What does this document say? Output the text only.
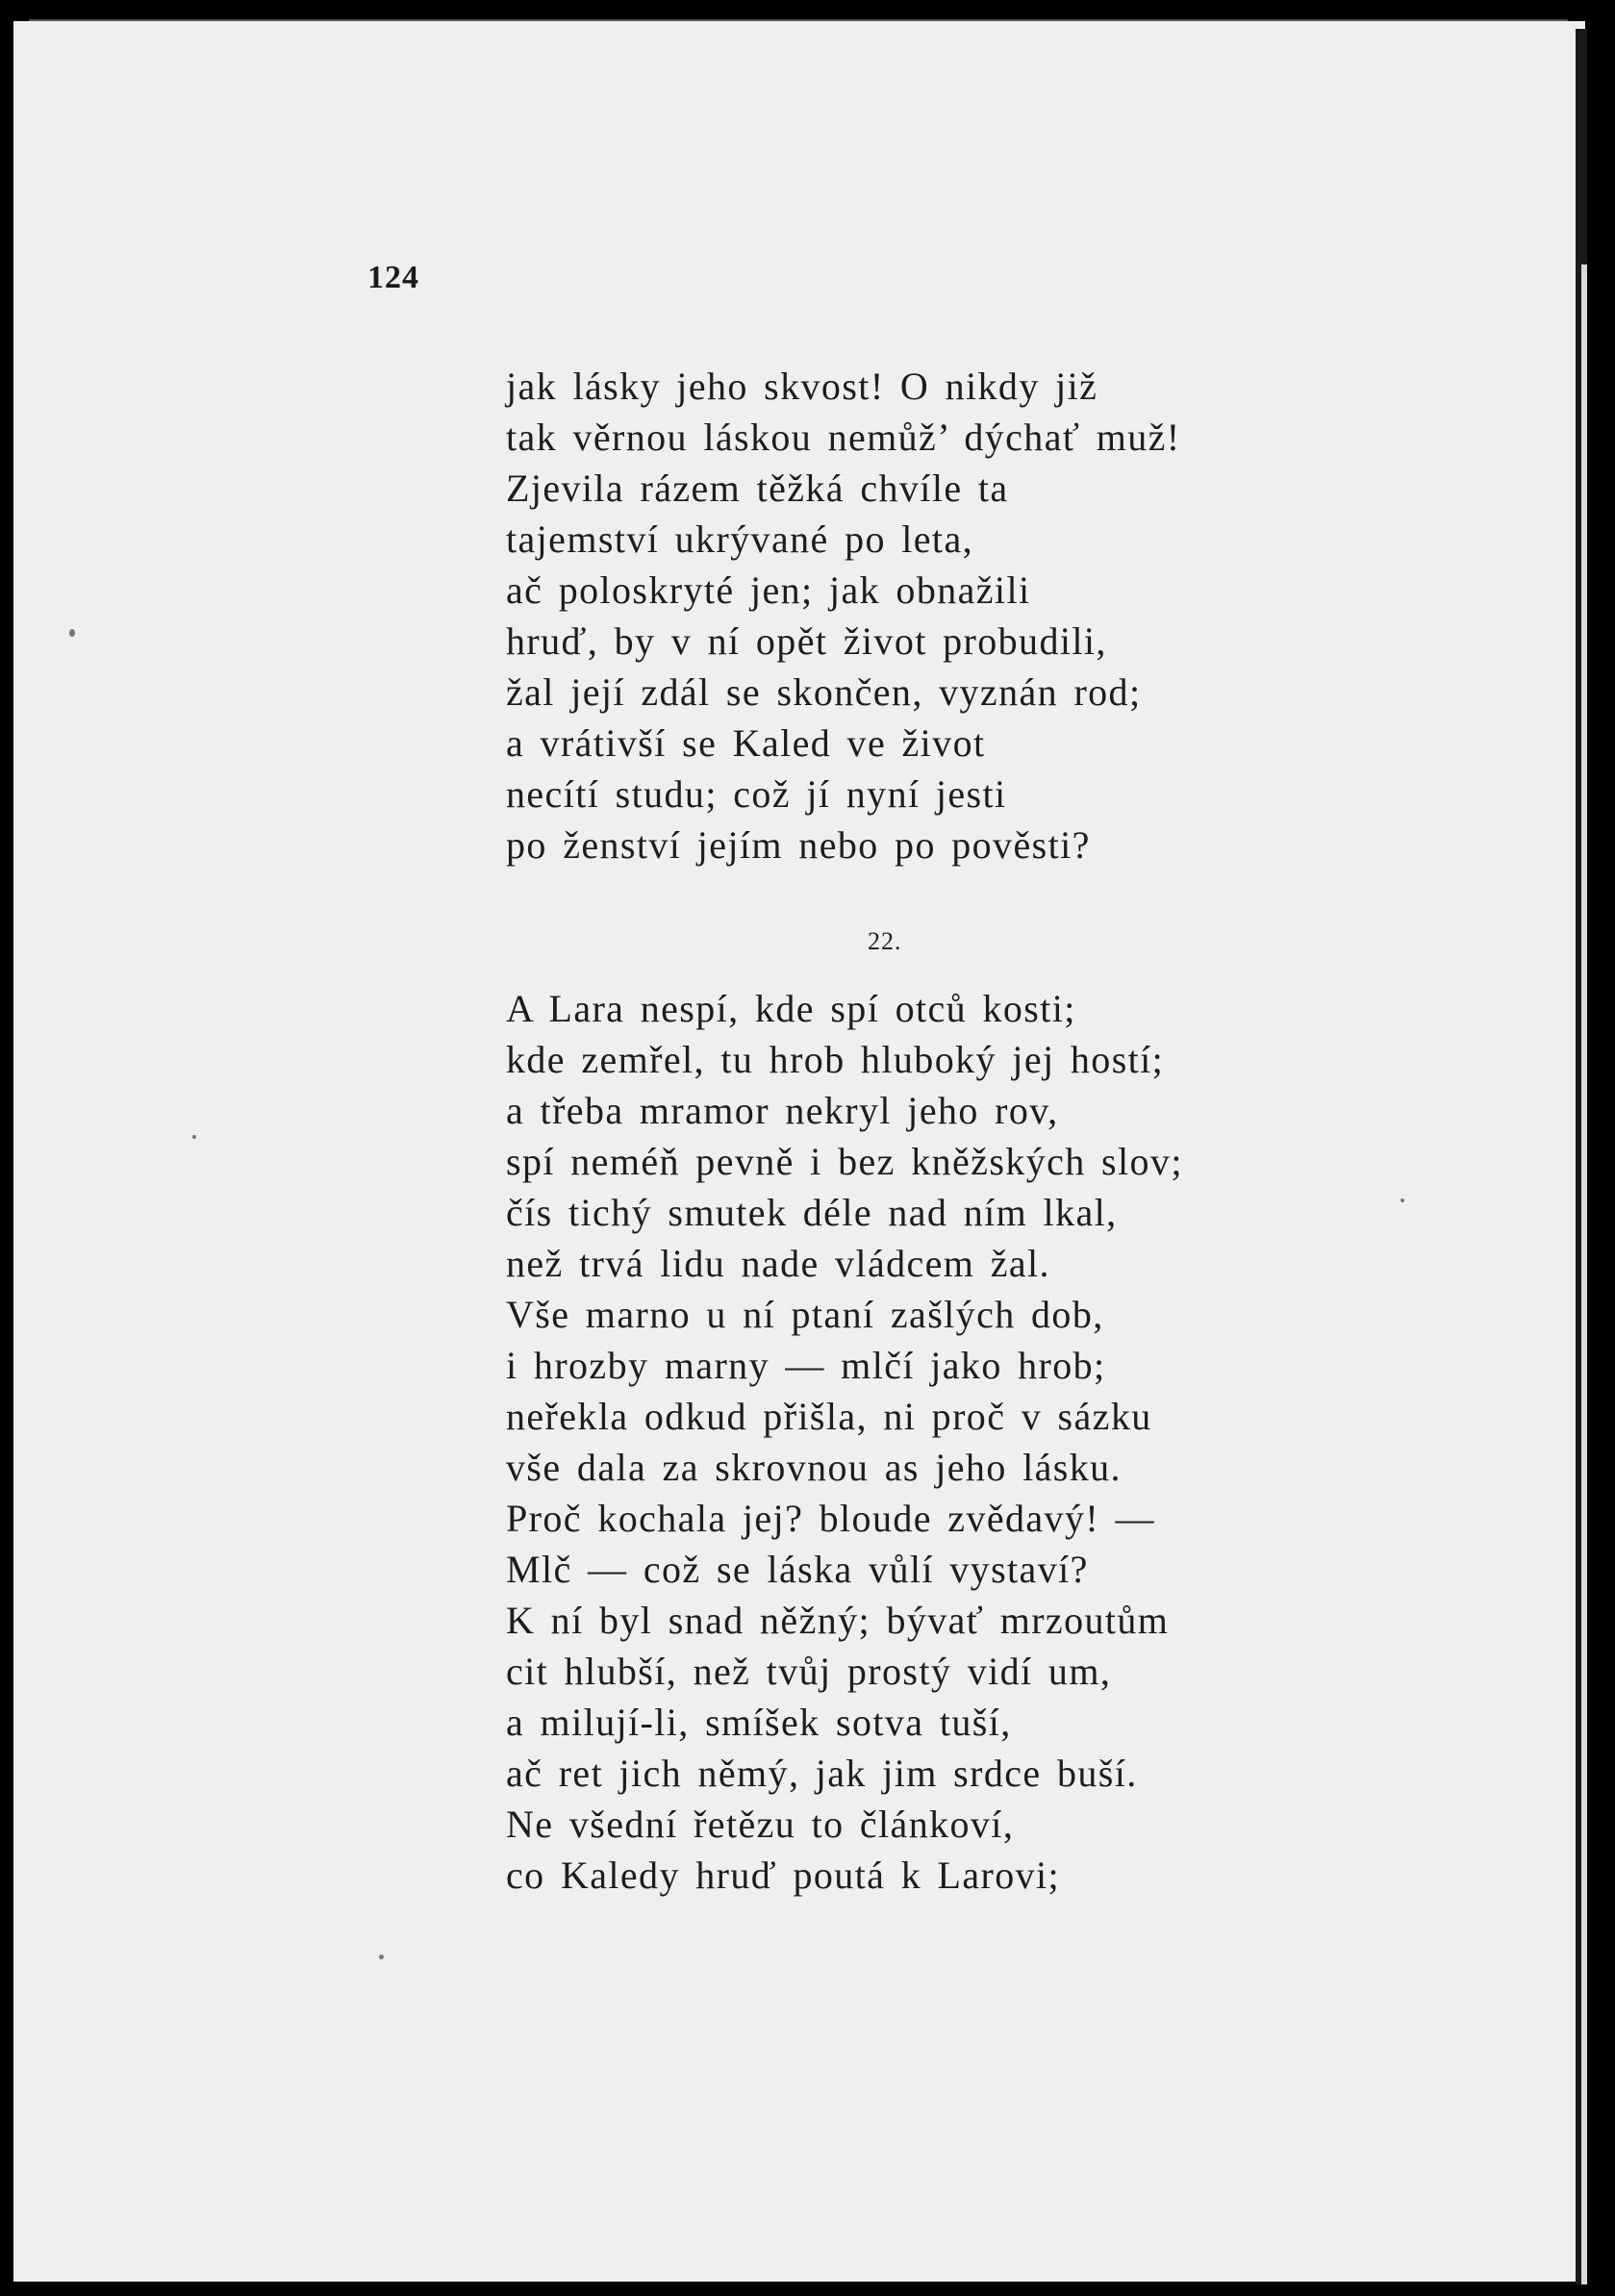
124
jak lásky jeho skvost! O nikdy již
tak věrnou láskou nemůž’ dýchať muž!
Zjevila rázem těžká chvíle ta
tajemství ukrývané po leta,
ač poloskryté jen; jak obnažili
hruď, by v ní opět život probudili,
žal její zdál se skončen, vyznán rod;
a vrátivší se Kaled ve život
necítí studu; což jí nyní jesti
po ženství jejím nebo po pověsti?
22.
A Lara nespí, kde spí otců kosti;
kde zemřel, tu hrob hluboký jej hostí;
a třeba mramor nekryl jeho rov,
spí neméň pevně i bez kněžských slov;
čís tichý smutek déle nad ním lkal,
než trvá lidu nade vládcem žal.
Vše marno u ní ptaní zašlých dob,
i hrozby marny — mlčí jako hrob;
neřekla odkud přišla, ni proč v sázku
vše dala za skrovnou as jeho lásku.
Proč kochala jej? bloude zvědavý! —
Mlč — což se láska vůlí vystaví?
K ní byl snad něžný; bývať mrzoutům
cit hlubší, než tvůj prostý vidí um,
a milují-li, smíšek sotva tuší,
ač ret jich němý, jak jim srdce buší.
Ne všední řetězu to článkoví,
co Kaledy hruď poutá k Larovi;
